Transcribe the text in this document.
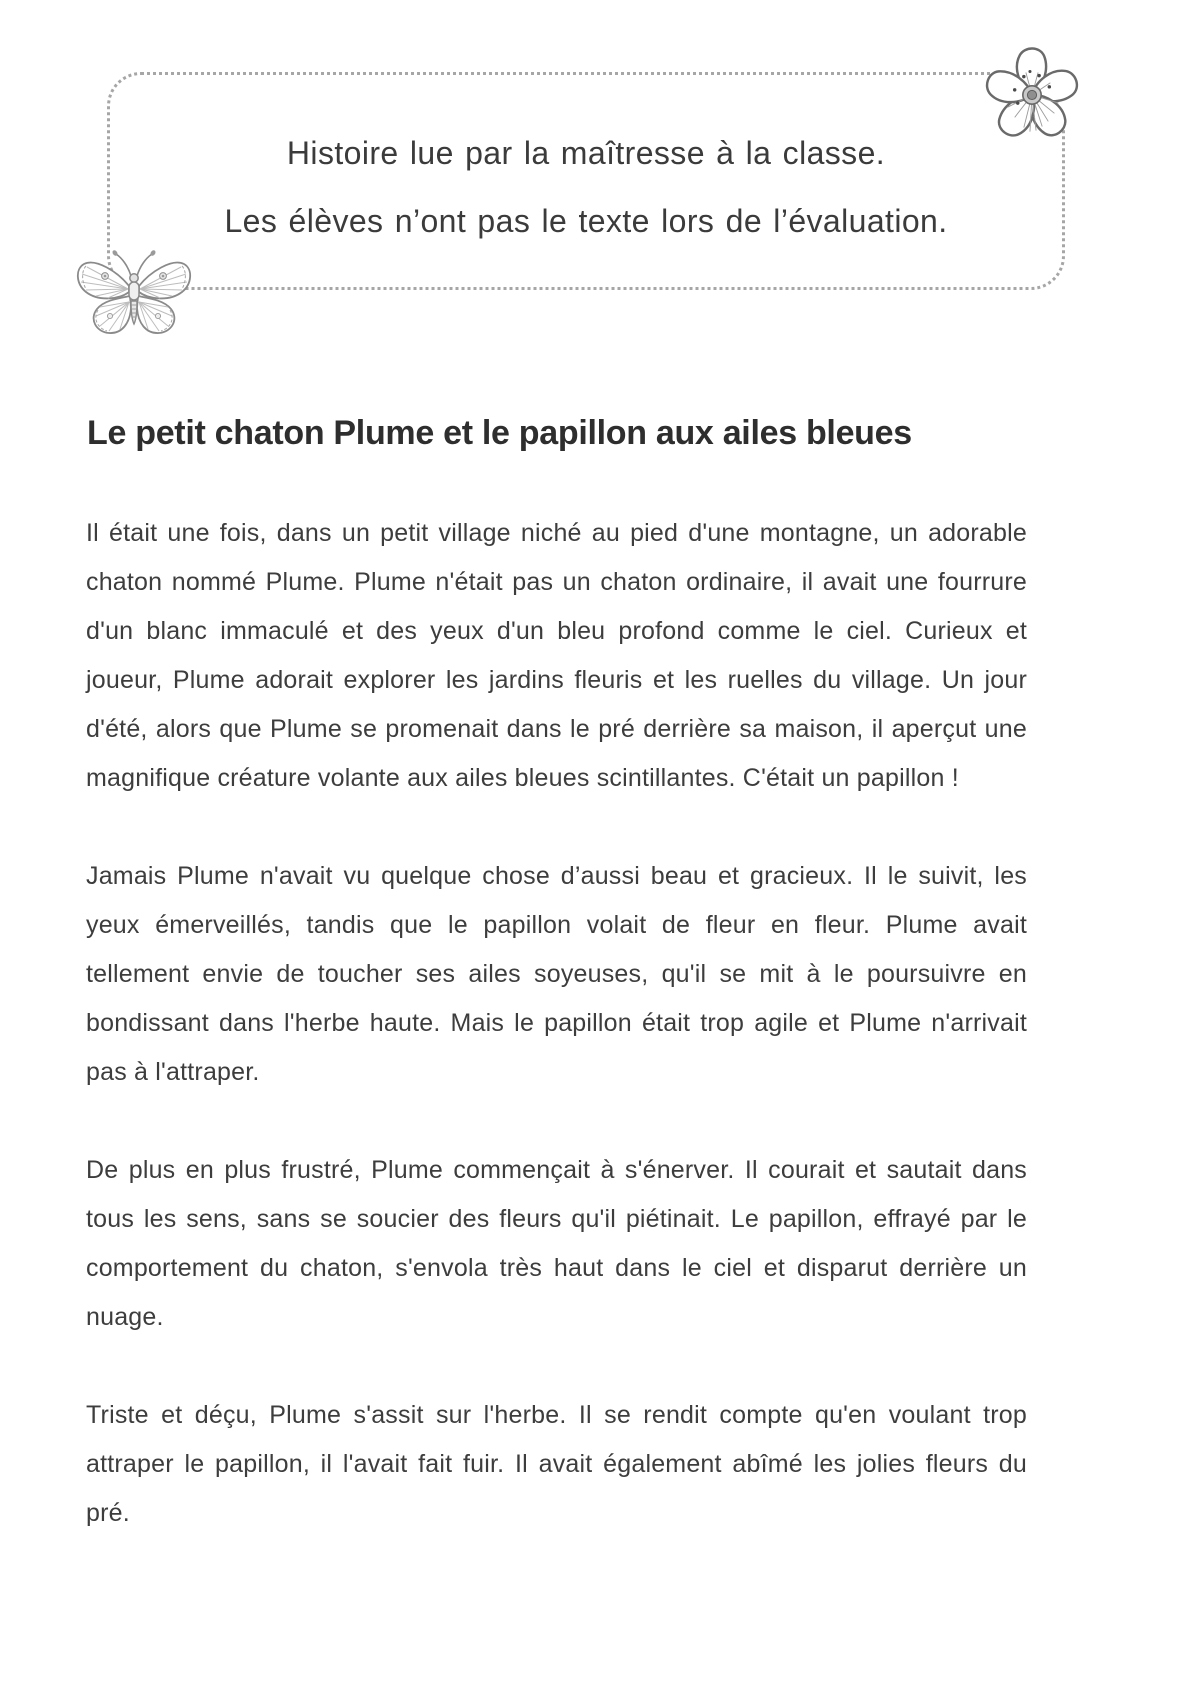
Histoire lue par la maîtresse à la classe.
Les élèves n’ont pas le texte lors de l’évaluation.
Le petit chaton Plume et le papillon aux ailes bleues

Il était une fois, dans un petit village niché au pied d'une montagne, un adorable chaton nommé Plume. Plume n'était pas un chaton ordinaire, il avait une fourrure d'un blanc immaculé et des yeux d'un bleu profond comme le ciel. Curieux et joueur, Plume adorait explorer les jardins fleuris et les ruelles du village. Un jour d'été, alors que Plume se promenait dans le pré derrière sa maison, il aperçut une magnifique créature volante aux ailes bleues scintillantes. C'était un papillon !

Jamais Plume n'avait vu quelque chose d’aussi beau et gracieux. Il le suivit, les yeux émerveillés, tandis que le papillon volait de fleur en fleur. Plume avait tellement envie de toucher ses ailes soyeuses, qu'il se mit à le poursuivre en bondissant dans l'herbe haute. Mais le papillon était trop agile et Plume n'arrivait pas à l'attraper.

De plus en plus frustré, Plume commençait à s'énerver. Il courait et sautait dans tous les sens, sans se soucier des fleurs qu'il piétinait. Le papillon, effrayé par le comportement du chaton, s'envola très haut dans le ciel et disparut derrière un nuage.

Triste et déçu, Plume s'assit sur l'herbe. Il se rendit compte qu'en voulant trop attraper le papillon, il l'avait fait fuir. Il avait également abîmé les jolies fleurs du pré.
